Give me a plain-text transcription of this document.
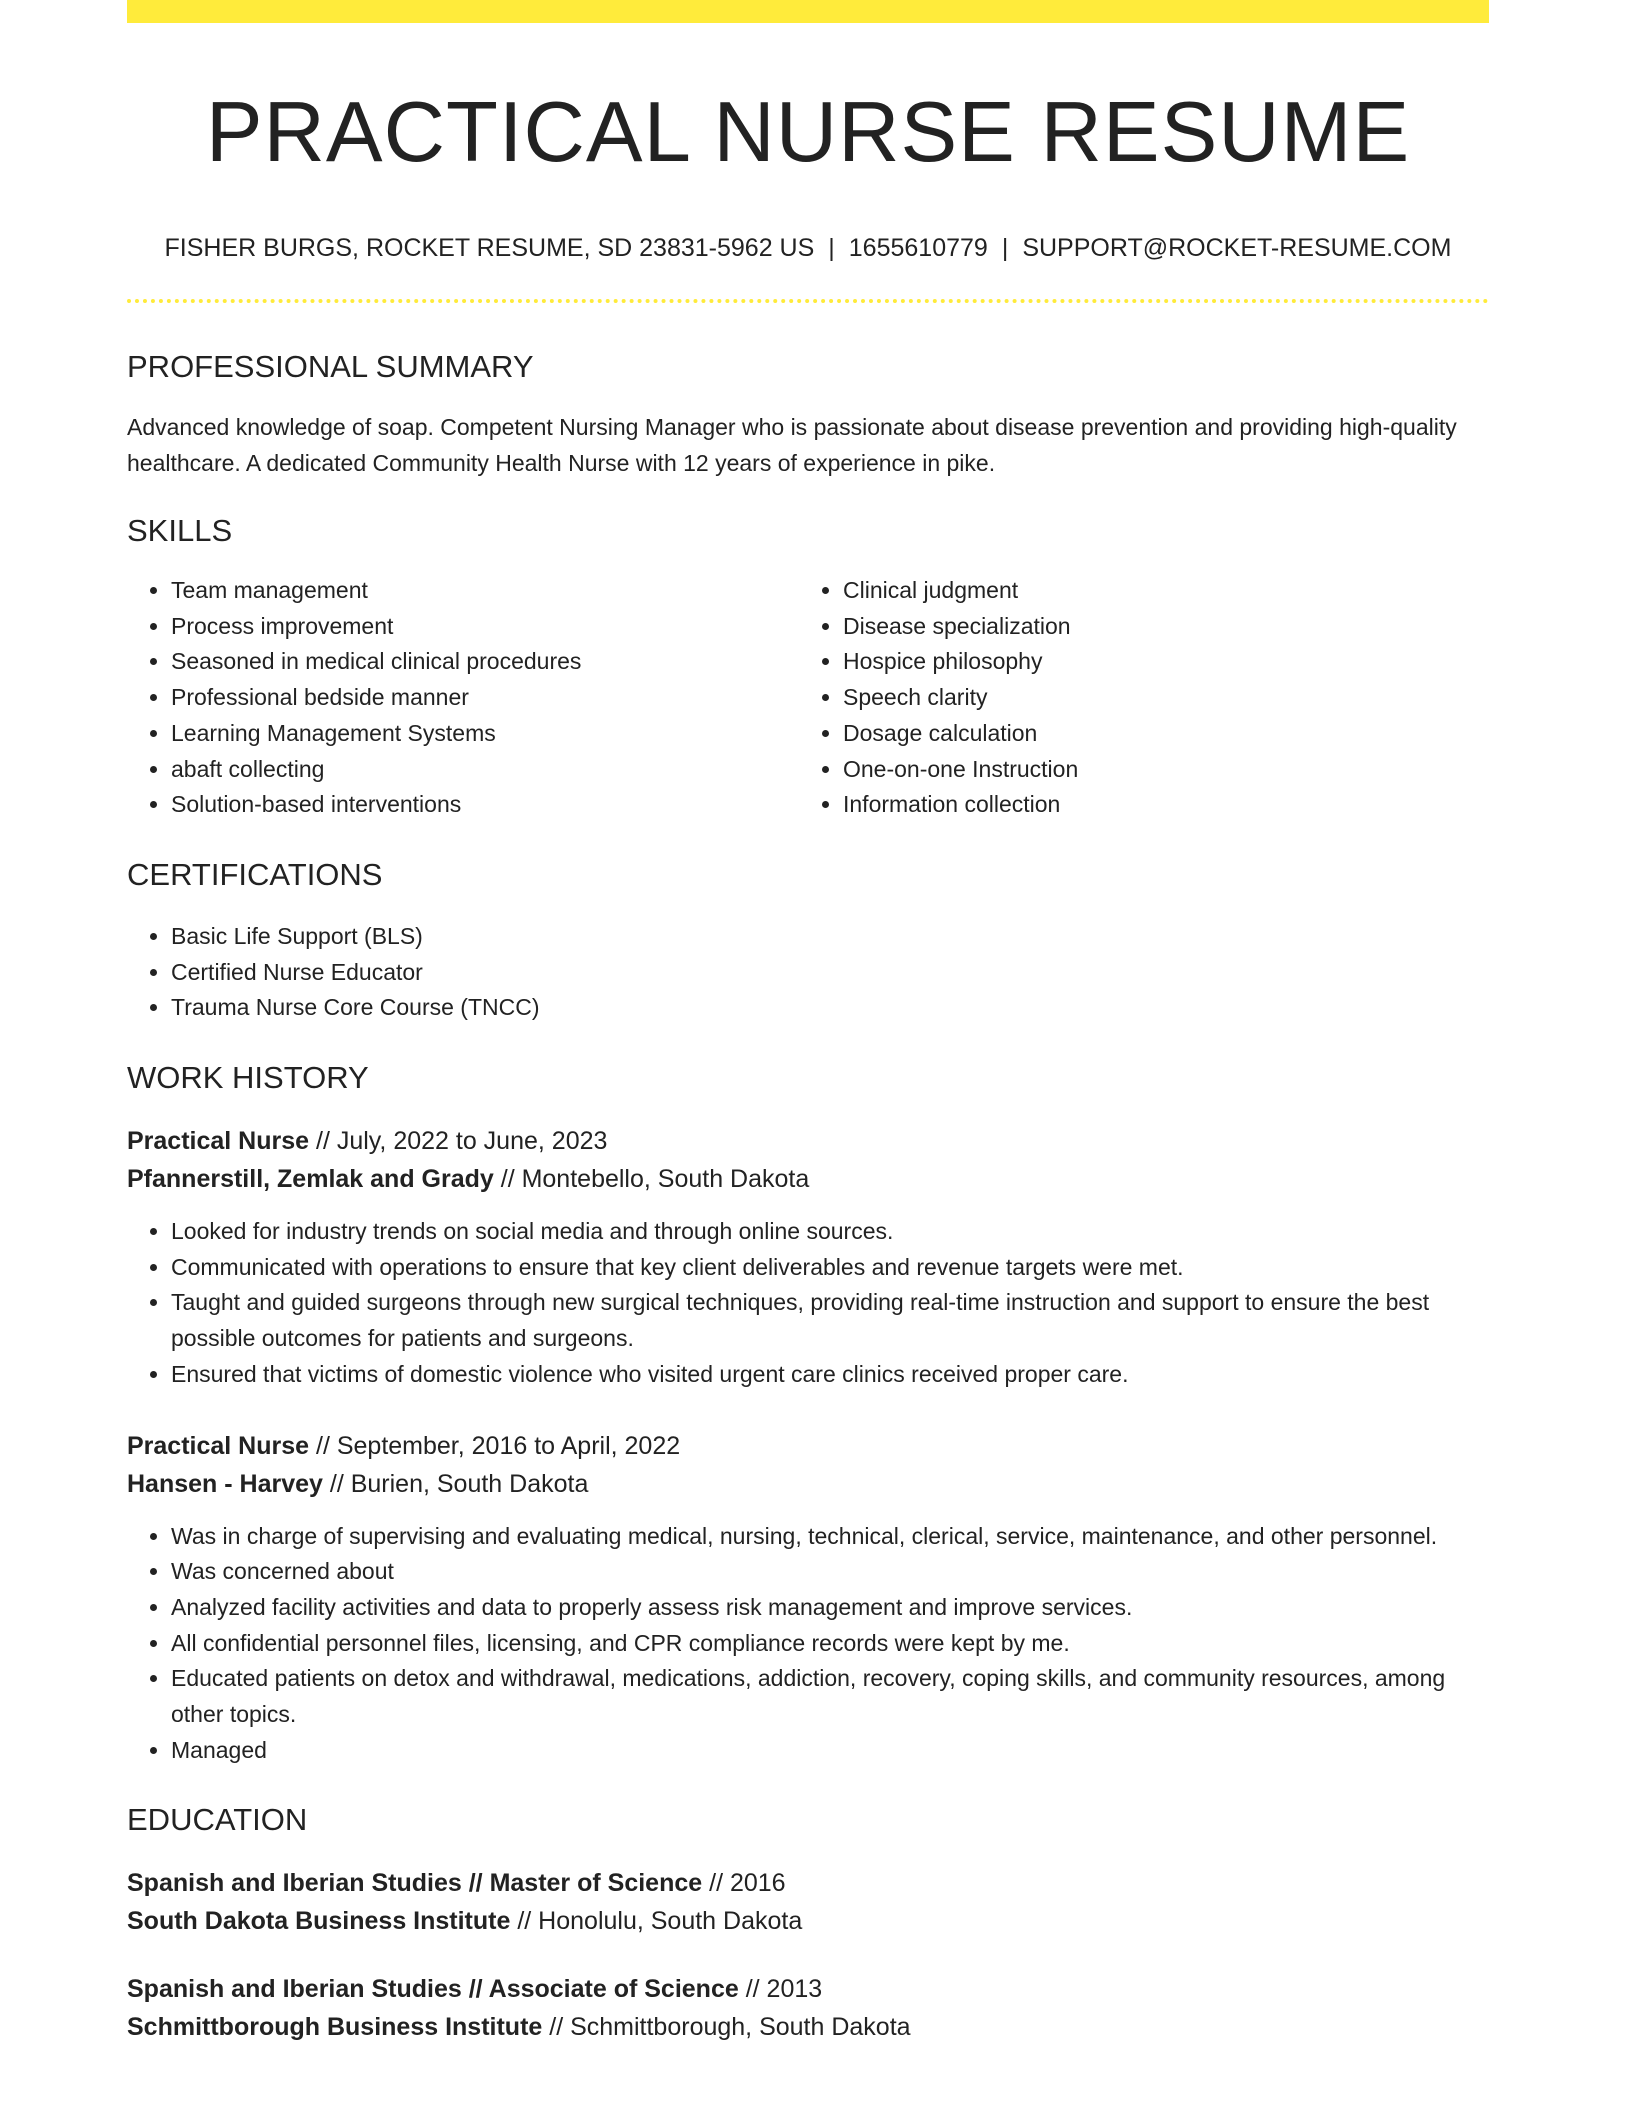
PRACTICAL NURSE RESUME
FISHER BURGS, ROCKET RESUME, SD 23831-5962 US | 1655610779 | SUPPORT@ROCKET-RESUME.COM
PROFESSIONAL SUMMARY

Advanced knowledge of soap. Competent Nursing Manager who is passionate about disease prevention and providing high-quality healthcare. A dedicated Community Health Nurse with 12 years of experience in pike.

SKILLS
• Team management
• Process improvement
• Seasoned in medical clinical procedures
• Professional bedside manner
• Learning Management Systems
• abaft collecting
• Solution-based interventions
• Clinical judgment
• Disease specialization
• Hospice philosophy
• Speech clarity
• Dosage calculation
• One-on-one Instruction
• Information collection
CERTIFICATIONS
• Basic Life Support (BLS)
• Certified Nurse Educator
• Trauma Nurse Core Course (TNCC)
WORK HISTORY

Practical Nurse // July, 2022 to June, 2023

Pfannerstill, Zemlak and Grady // Montebello, South Dakota

• Looked for industry trends on social media and through online sources.
• Communicated with operations to ensure that key client deliverables and revenue targets were met.
• Taught and guided surgeons through new surgical techniques, providing real-time instruction and support to ensure the best possible outcomes for patients and surgeons.
• Ensured that victims of domestic violence who visited urgent care clinics received proper care.

Practical Nurse // September, 2016 to April, 2022

Hansen - Harvey // Burien, South Dakota

• Was in charge of supervising and evaluating medical, nursing, technical, clerical, service, maintenance, and other personnel.
• Was concerned about
• Analyzed facility activities and data to properly assess risk management and improve services.
• All confidential personnel files, licensing, and CPR compliance records were kept by me.
• Educated patients on detox and withdrawal, medications, addiction, recovery, coping skills, and community resources, among other topics.
• Managed
EDUCATION

Spanish and Iberian Studies // Master of Science // 2016

South Dakota Business Institute // Honolulu, South Dakota

Spanish and Iberian Studies // Associate of Science // 2013

Schmittborough Business Institute // Schmittborough, South Dakota
